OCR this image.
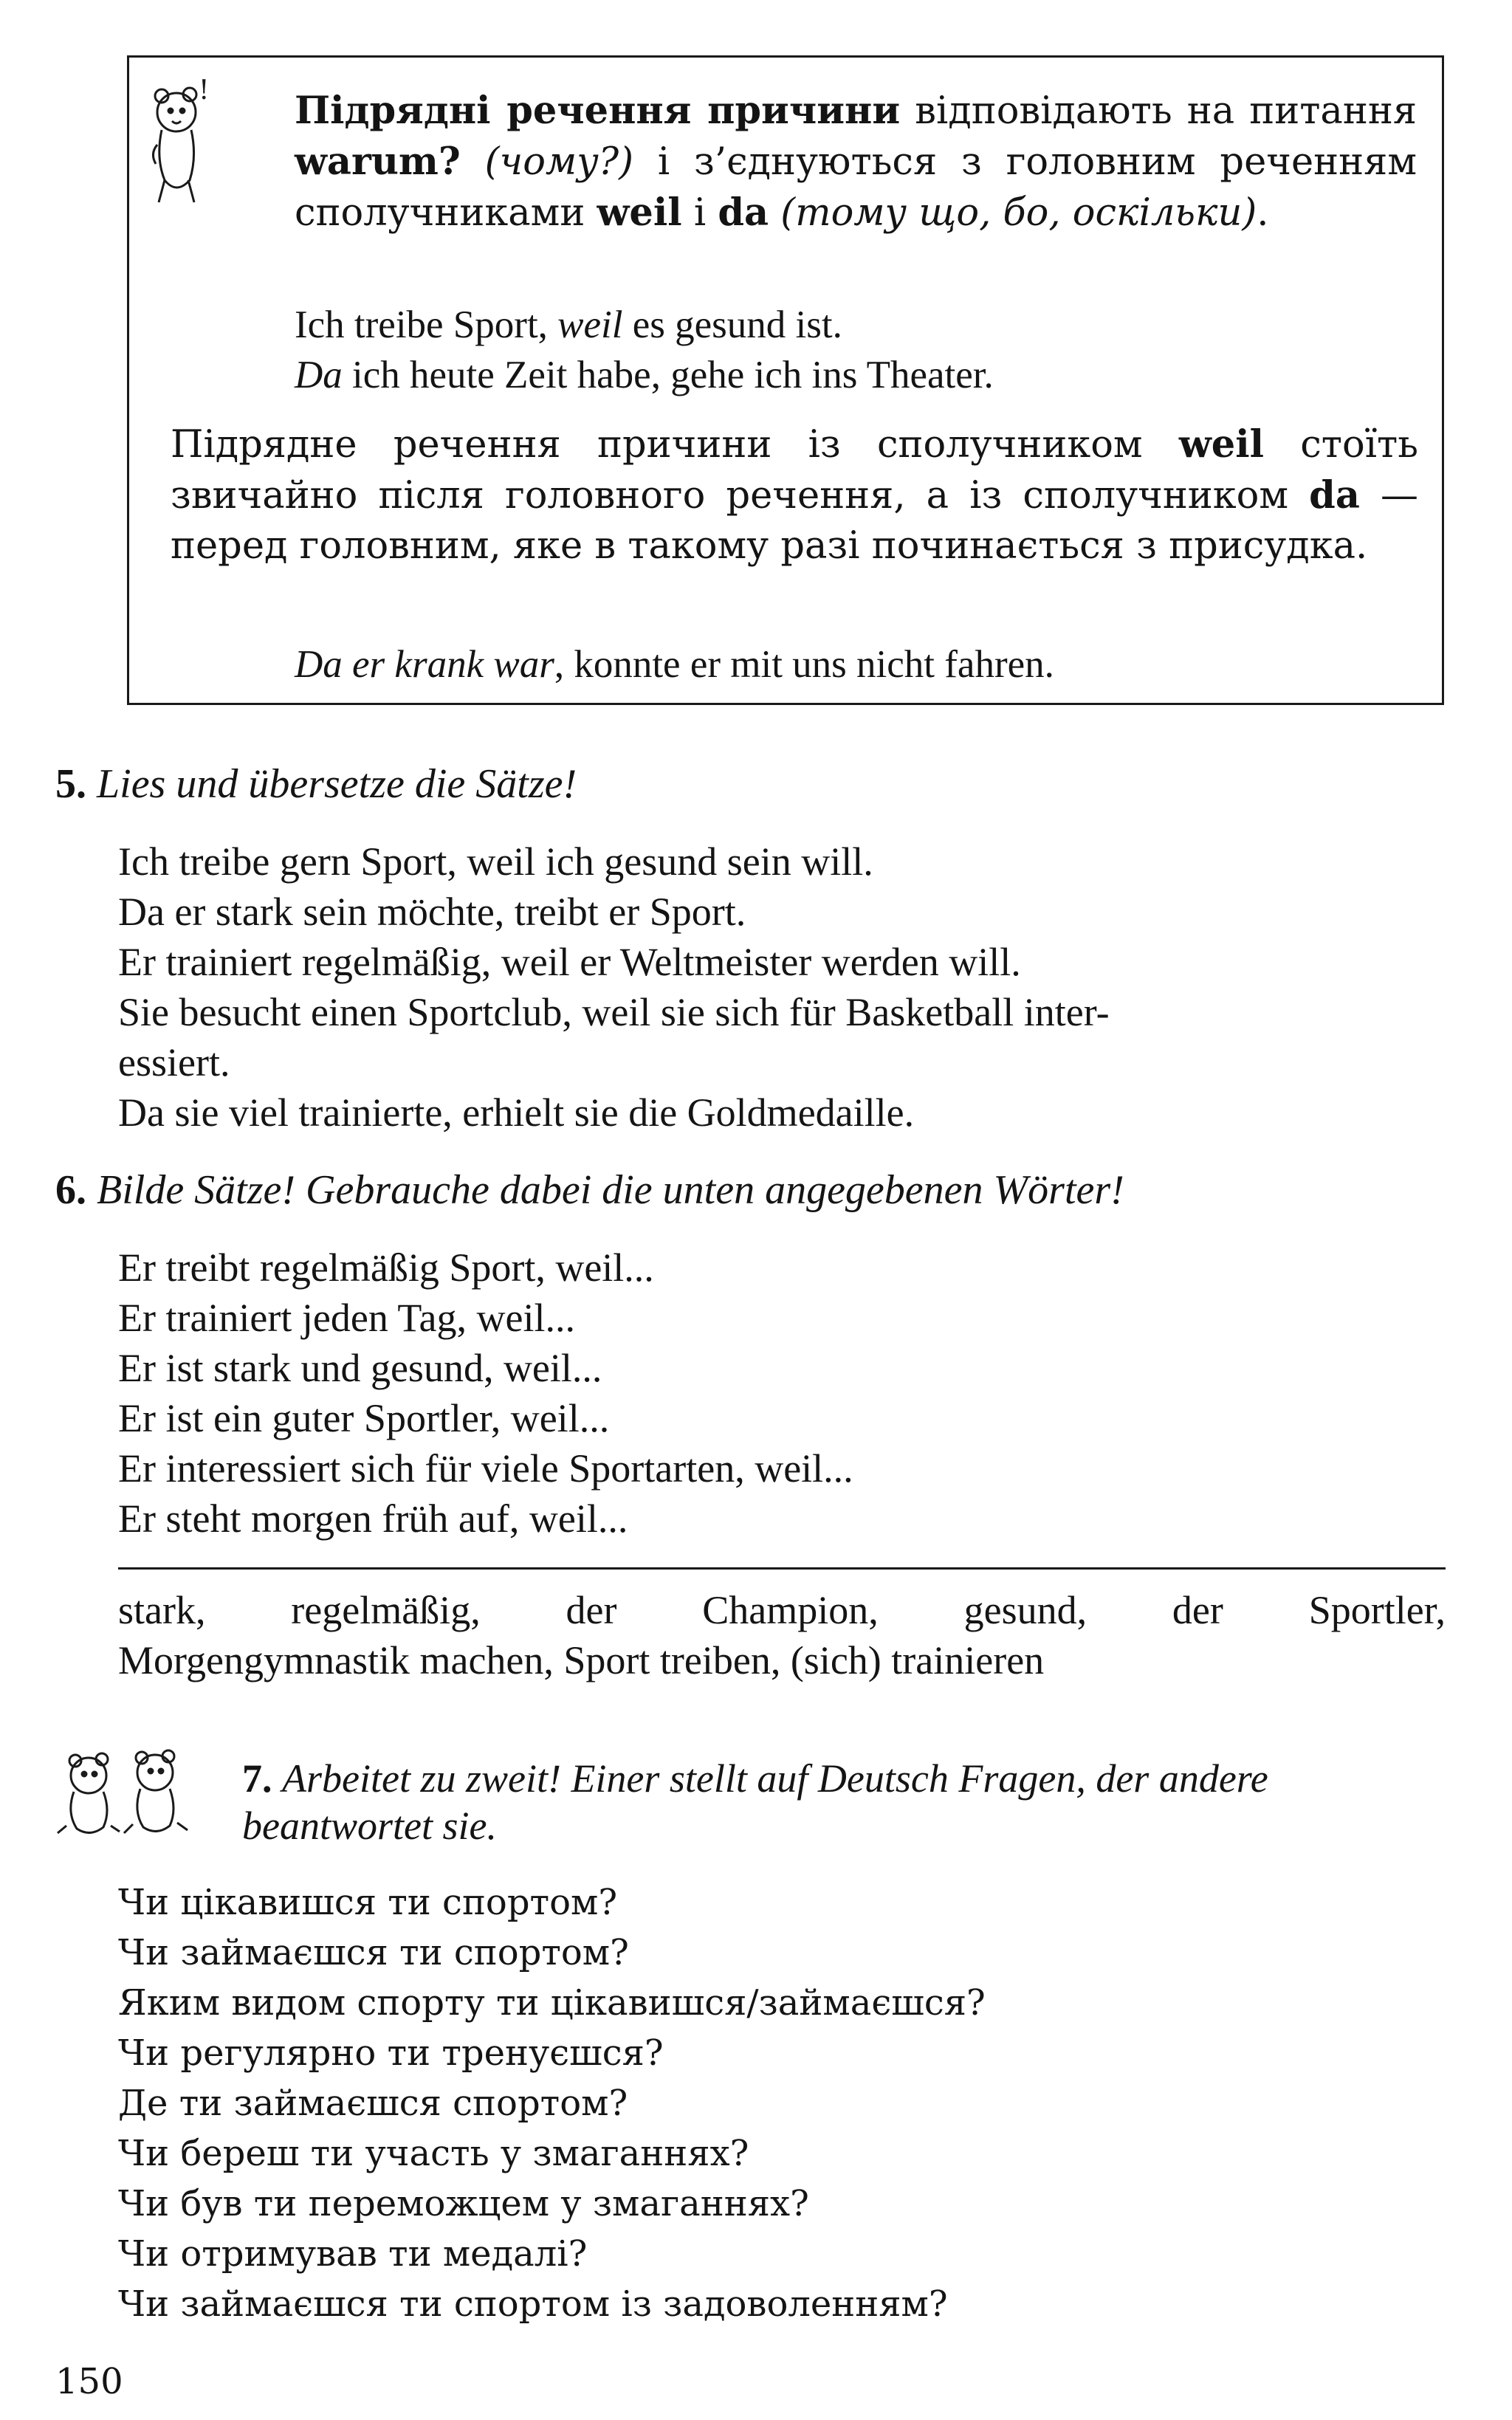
! Підрядні речення причини відповідають на питання warum? (чому?) і з’єднуються з головним реченням сполучниками weil і da (тому що, бо, оскільки).
Ich treibe Sport, weil es gesund ist.
Da ich heute Zeit habe, gehe ich ins Theater.
Підрядне речення причини із сполучником weil стоїть звичайно після головного речення, а із сполучником da — перед головним, яке в такому разі починається з присудка.
Da er krank war, konnte er mit uns nicht fahren.
5. Lies und übersetze die Sätze!
Ich treibe gern Sport, weil ich gesund sein will.
Da er stark sein möchte, treibt er Sport.
Er trainiert regelmäßig, weil er Weltmeister werden will.
Sie besucht einen Sportclub, weil sie sich für Basketball inter-
essiert.
Da sie viel trainierte, erhielt sie die Goldmedaille.
6. Bilde Sätze! Gebrauche dabei die unten angegebenen Wörter!
Er treibt regelmäßig Sport, weil...
Er trainiert jeden Tag, weil...
Er ist stark und gesund, weil...
Er ist ein guter Sportler, weil...
Er interessiert sich für viele Sportarten, weil...
Er steht morgen früh auf, weil...
stark, regelmäßig, der Champion, gesund, der Sportler,
Morgengymnastik machen, Sport treiben, (sich) trainieren
7. Arbeitet zu zweit! Einer stellt auf Deutsch Fragen, der andere beantwortet sie.
Чи цікавишся ти спортом?
Чи займаєшся ти спортом?
Яким видом спорту ти цікавишся/займаєшся?
Чи регулярно ти тренуєшся?
Де ти займаєшся спортом?
Чи береш ти участь у змаганнях?
Чи був ти переможцем у змаганнях?
Чи отримував ти медалі?
Чи займаєшся ти спортом із задоволенням?
150
